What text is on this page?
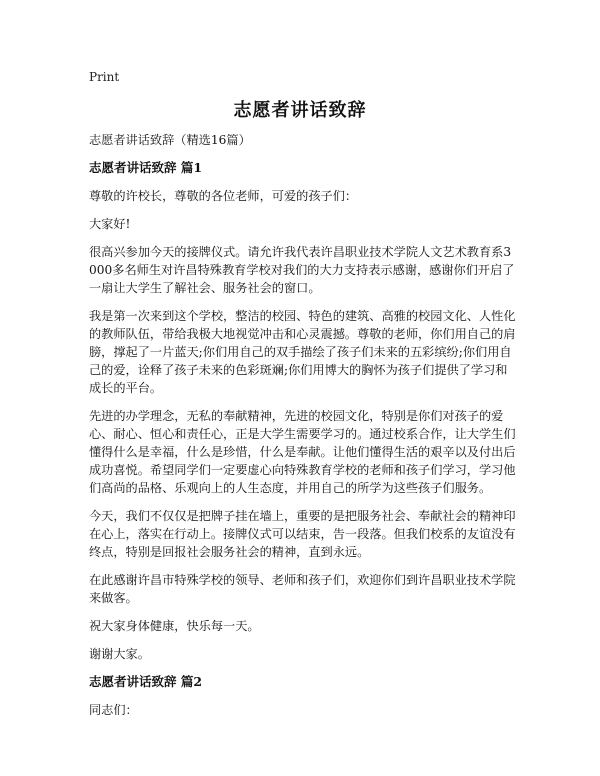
Print
志愿者讲话致辞

志愿者讲话致辞（精选16篇）

志愿者讲话致辞 篇1

尊敬的许校长，尊敬的各位老师，可爱的孩子们：

大家好!

很高兴参加今天的接牌仪式。请允许我代表许昌职业技术学院人文艺术教育系3000多名师生对许昌特殊教育学校对我们的大力支持表示感谢，感谢你们开启了一扇让大学生了解社会、服务社会的窗口。

我是第一次来到这个学校，整洁的校园、特色的建筑、高雅的校园文化、人性化的教师队伍，带给我极大地视觉冲击和心灵震撼。尊敬的老师，你们用自己的肩膀，撑起了一片蓝天;你们用自己的双手描绘了孩子们未来的五彩缤纷;你们用自己的爱，诠释了孩子未来的色彩斑斓;你们用博大的胸怀为孩子们提供了学习和成长的平台。

先进的办学理念，无私的奉献精神，先进的校园文化，特别是你们对孩子的爱心、耐心、恒心和责任心，正是大学生需要学习的。通过校系合作，让大学生们懂得什么是幸福，什么是珍惜，什么是奉献。让他们懂得生活的艰辛以及付出后成功喜悦。希望同学们一定要虚心向特殊教育学校的老师和孩子们学习，学习他们高尚的品格、乐观向上的人生态度，并用自己的所学为这些孩子们服务。

今天，我们不仅仅是把牌子挂在墙上，重要的是把服务社会、奉献社会的精神印在心上，落实在行动上。接牌仪式可以结束，告一段落。但我们校系的友谊没有终点，特别是回报社会服务社会的精神，直到永远。

在此感谢许昌市特殊学校的领导、老师和孩子们，欢迎你们到许昌职业技术学院来做客。

祝大家身体健康，快乐每一天。

谢谢大家。

志愿者讲话致辞 篇2

同志们：
